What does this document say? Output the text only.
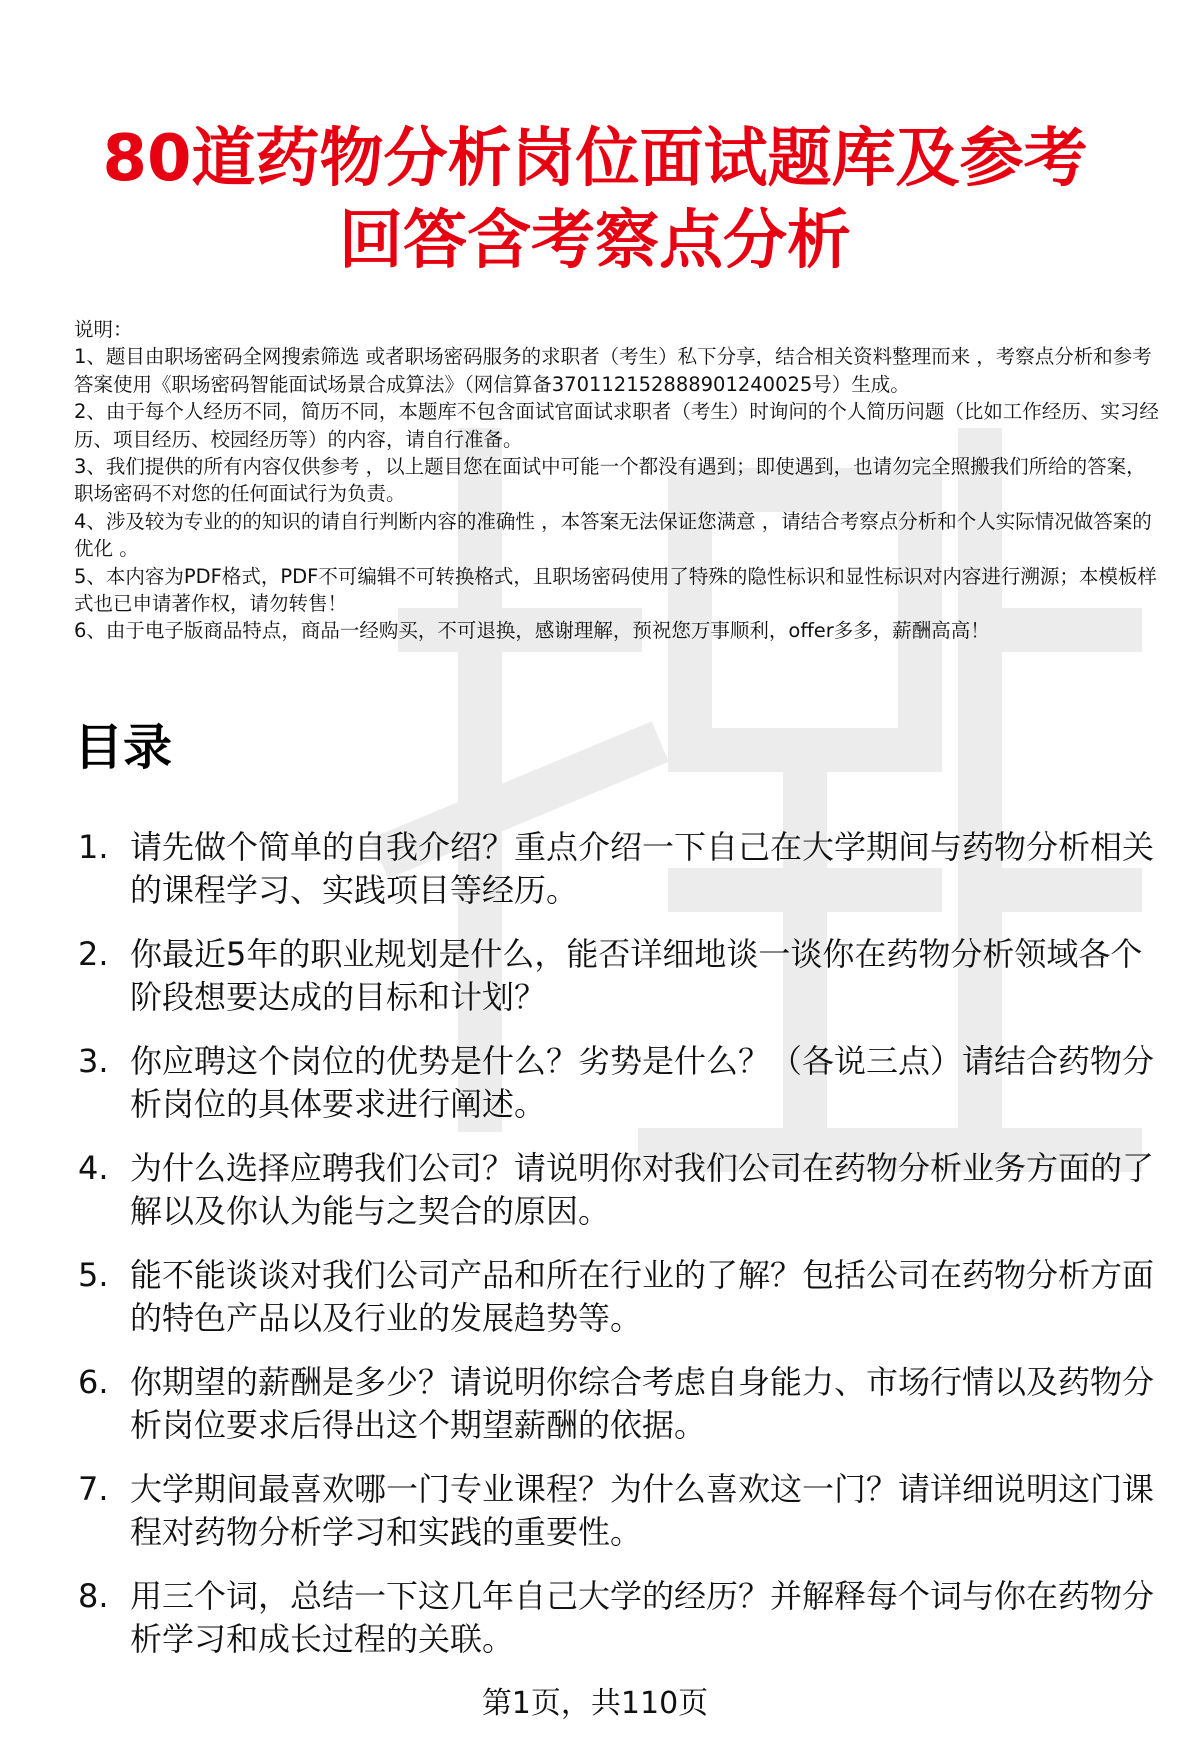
80道药物分析岗位面试题库及参考回答含考察点分析

说明：

1、题目由职场密码全网搜索筛选 或者职场密码服务的求职者（考生）私下分享，结合相关资料整理而来 ，考察点分析和参考答案使用《职场密码智能面试场景合成算法》（网信算备370112152888901240025号）生成。

2、由于每个人经历不同，简历不同，本题库不包含面试官面试求职者（考生）时询问的个人简历问题（比如工作经历、实习经历、项目经历、校园经历等）的内容，请自行准备。

3、我们提供的所有内容仅供参考 ，以上题目您在面试中可能一个都没有遇到；即使遇到，也请勿完全照搬我们所给的答案，职场密码不对您的任何面试行为负责。

4、涉及较为专业的的知识的请自行判断内容的准确性 ，本答案无法保证您满意 ，请结合考察点分析和个人实际情况做答案的优化 。

5、本内容为PDF格式，PDF不可编辑不可转换格式，且职场密码使用了特殊的隐性标识和显性标识对内容进行溯源；本模板样式也已申请著作权，请勿转售！

6、由于电子版商品特点，商品一经购买，不可退换，感谢理解，预祝您万事顺利，offer多多，薪酬高高！

目录
1. 请先做个简单的自我介绍？重点介绍一下自己在大学期间与药物分析相关的课程学习、实践项目等经历。
2. 你最近5年的职业规划是什么，能否详细地谈一谈你在药物分析领域各个阶段想要达成的目标和计划？
3. 你应聘这个岗位的优势是什么？劣势是什么？（各说三点）请结合药物分析岗位的具体要求进行阐述。
4. 为什么选择应聘我们公司？请说明你对我们公司在药物分析业务方面的了解以及你认为能与之契合的原因。
5. 能不能谈谈对我们公司产品和所在行业的了解？包括公司在药物分析方面的特色产品以及行业的发展趋势等。
6. 你期望的薪酬是多少？请说明你综合考虑自身能力、市场行情以及药物分析岗位要求后得出这个期望薪酬的依据。
7. 大学期间最喜欢哪一门专业课程？为什么喜欢这一门？请详细说明这门课程对药物分析学习和实践的重要性。
8. 用三个词，总结一下这几年自己大学的经历？并解释每个词与你在药物分析学习和成长过程的关联。
第1页，共110页
